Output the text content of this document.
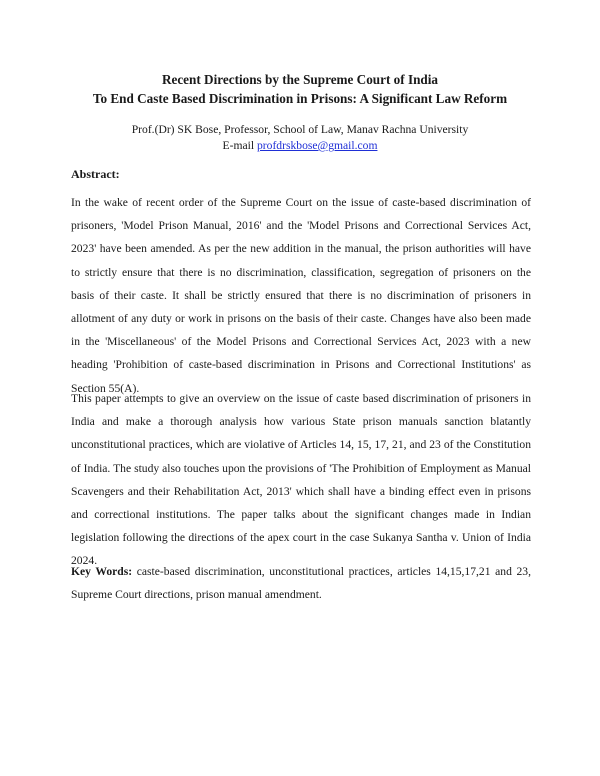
Recent Directions by the Supreme Court of India
To End Caste Based Discrimination in Prisons: A Significant Law Reform
Prof.(Dr) SK Bose, Professor, School of Law, Manav Rachna University
E-mail profdrskbose@gmail.com
Abstract:
In the wake of recent order of the Supreme Court on the issue of caste-based discrimination of prisoners, 'Model Prison Manual, 2016' and the 'Model Prisons and Correctional Services Act, 2023' have been amended. As per the new addition in the manual, the prison authorities will have to strictly ensure that there is no discrimination, classification, segregation of prisoners on the basis of their caste. It shall be strictly ensured that there is no discrimination of prisoners in allotment of any duty or work in prisons on the basis of their caste. Changes have also been made in the 'Miscellaneous' of the Model Prisons and Correctional Services Act, 2023 with a new heading 'Prohibition of caste-based discrimination in Prisons and Correctional Institutions' as Section 55(A).
This paper attempts to give an overview on the issue of caste based discrimination of prisoners in India and make a thorough analysis how various State prison manuals sanction blatantly unconstitutional practices, which are violative of Articles 14, 15, 17, 21, and 23 of the Constitution of India. The study also touches upon the provisions of 'The Prohibition of Employment as Manual Scavengers and their Rehabilitation Act, 2013' which shall have a binding effect even in prisons and correctional institutions. The paper talks about the significant changes made in Indian legislation following the directions of the apex court in the case Sukanya Santha v. Union of India 2024.
Key Words: caste-based discrimination, unconstitutional practices, articles 14,15,17,21 and 23, Supreme Court directions, prison manual amendment.
